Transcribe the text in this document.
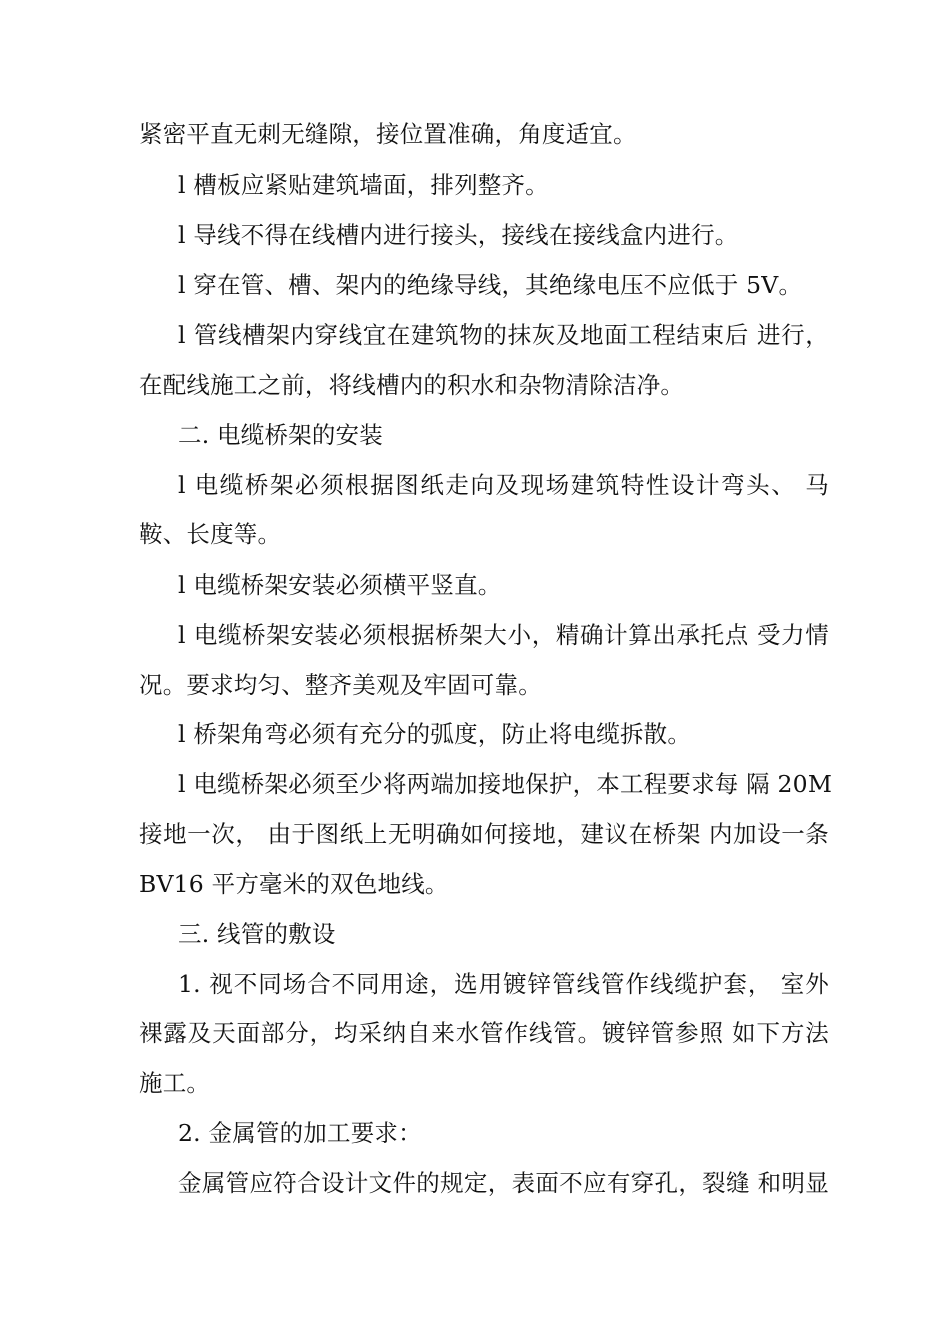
紧密平直无刺无缝隙，接位置准确，角度适宜。
l 槽板应紧贴建筑墙面，排列整齐。
l 导线不得在线槽内进行接头，接线在接线盒内进行。
l 穿在管、槽、架内的绝缘导线，其绝缘电压不应低于 5V。
l 管线槽架内穿线宜在建筑物的抹灰及地面工程结束后 进行，
在配线施工之前，将线槽内的积水和杂物清除洁净。
二. 电缆桥架的安装
l 电缆桥架必须根据图纸走向及现场建筑特性设计弯头、 马
鞍、长度等。
l 电缆桥架安装必须横平竖直。
l 电缆桥架安装必须根据桥架大小，精确计算出承托点 受力情
况。要求均匀、整齐美观及牢固可靠。
l 桥架角弯必须有充分的弧度，防止将电缆拆散。
l 电缆桥架必须至少将两端加接地保护，本工程要求每 隔 20M
接地一次， 由于图纸上无明确如何接地，建议在桥架 内加设一条
BV16 平方毫米的双色地线。
三. 线管的敷设
1. 视不同场合不同用途，选用镀锌管线管作线缆护套， 室外
裸露及天面部分，均采纳自来水管作线管。镀锌管参照 如下方法
施工。
2. 金属管的加工要求：
金属管应符合设计文件的规定，表面不应有穿孔，裂缝 和明显
